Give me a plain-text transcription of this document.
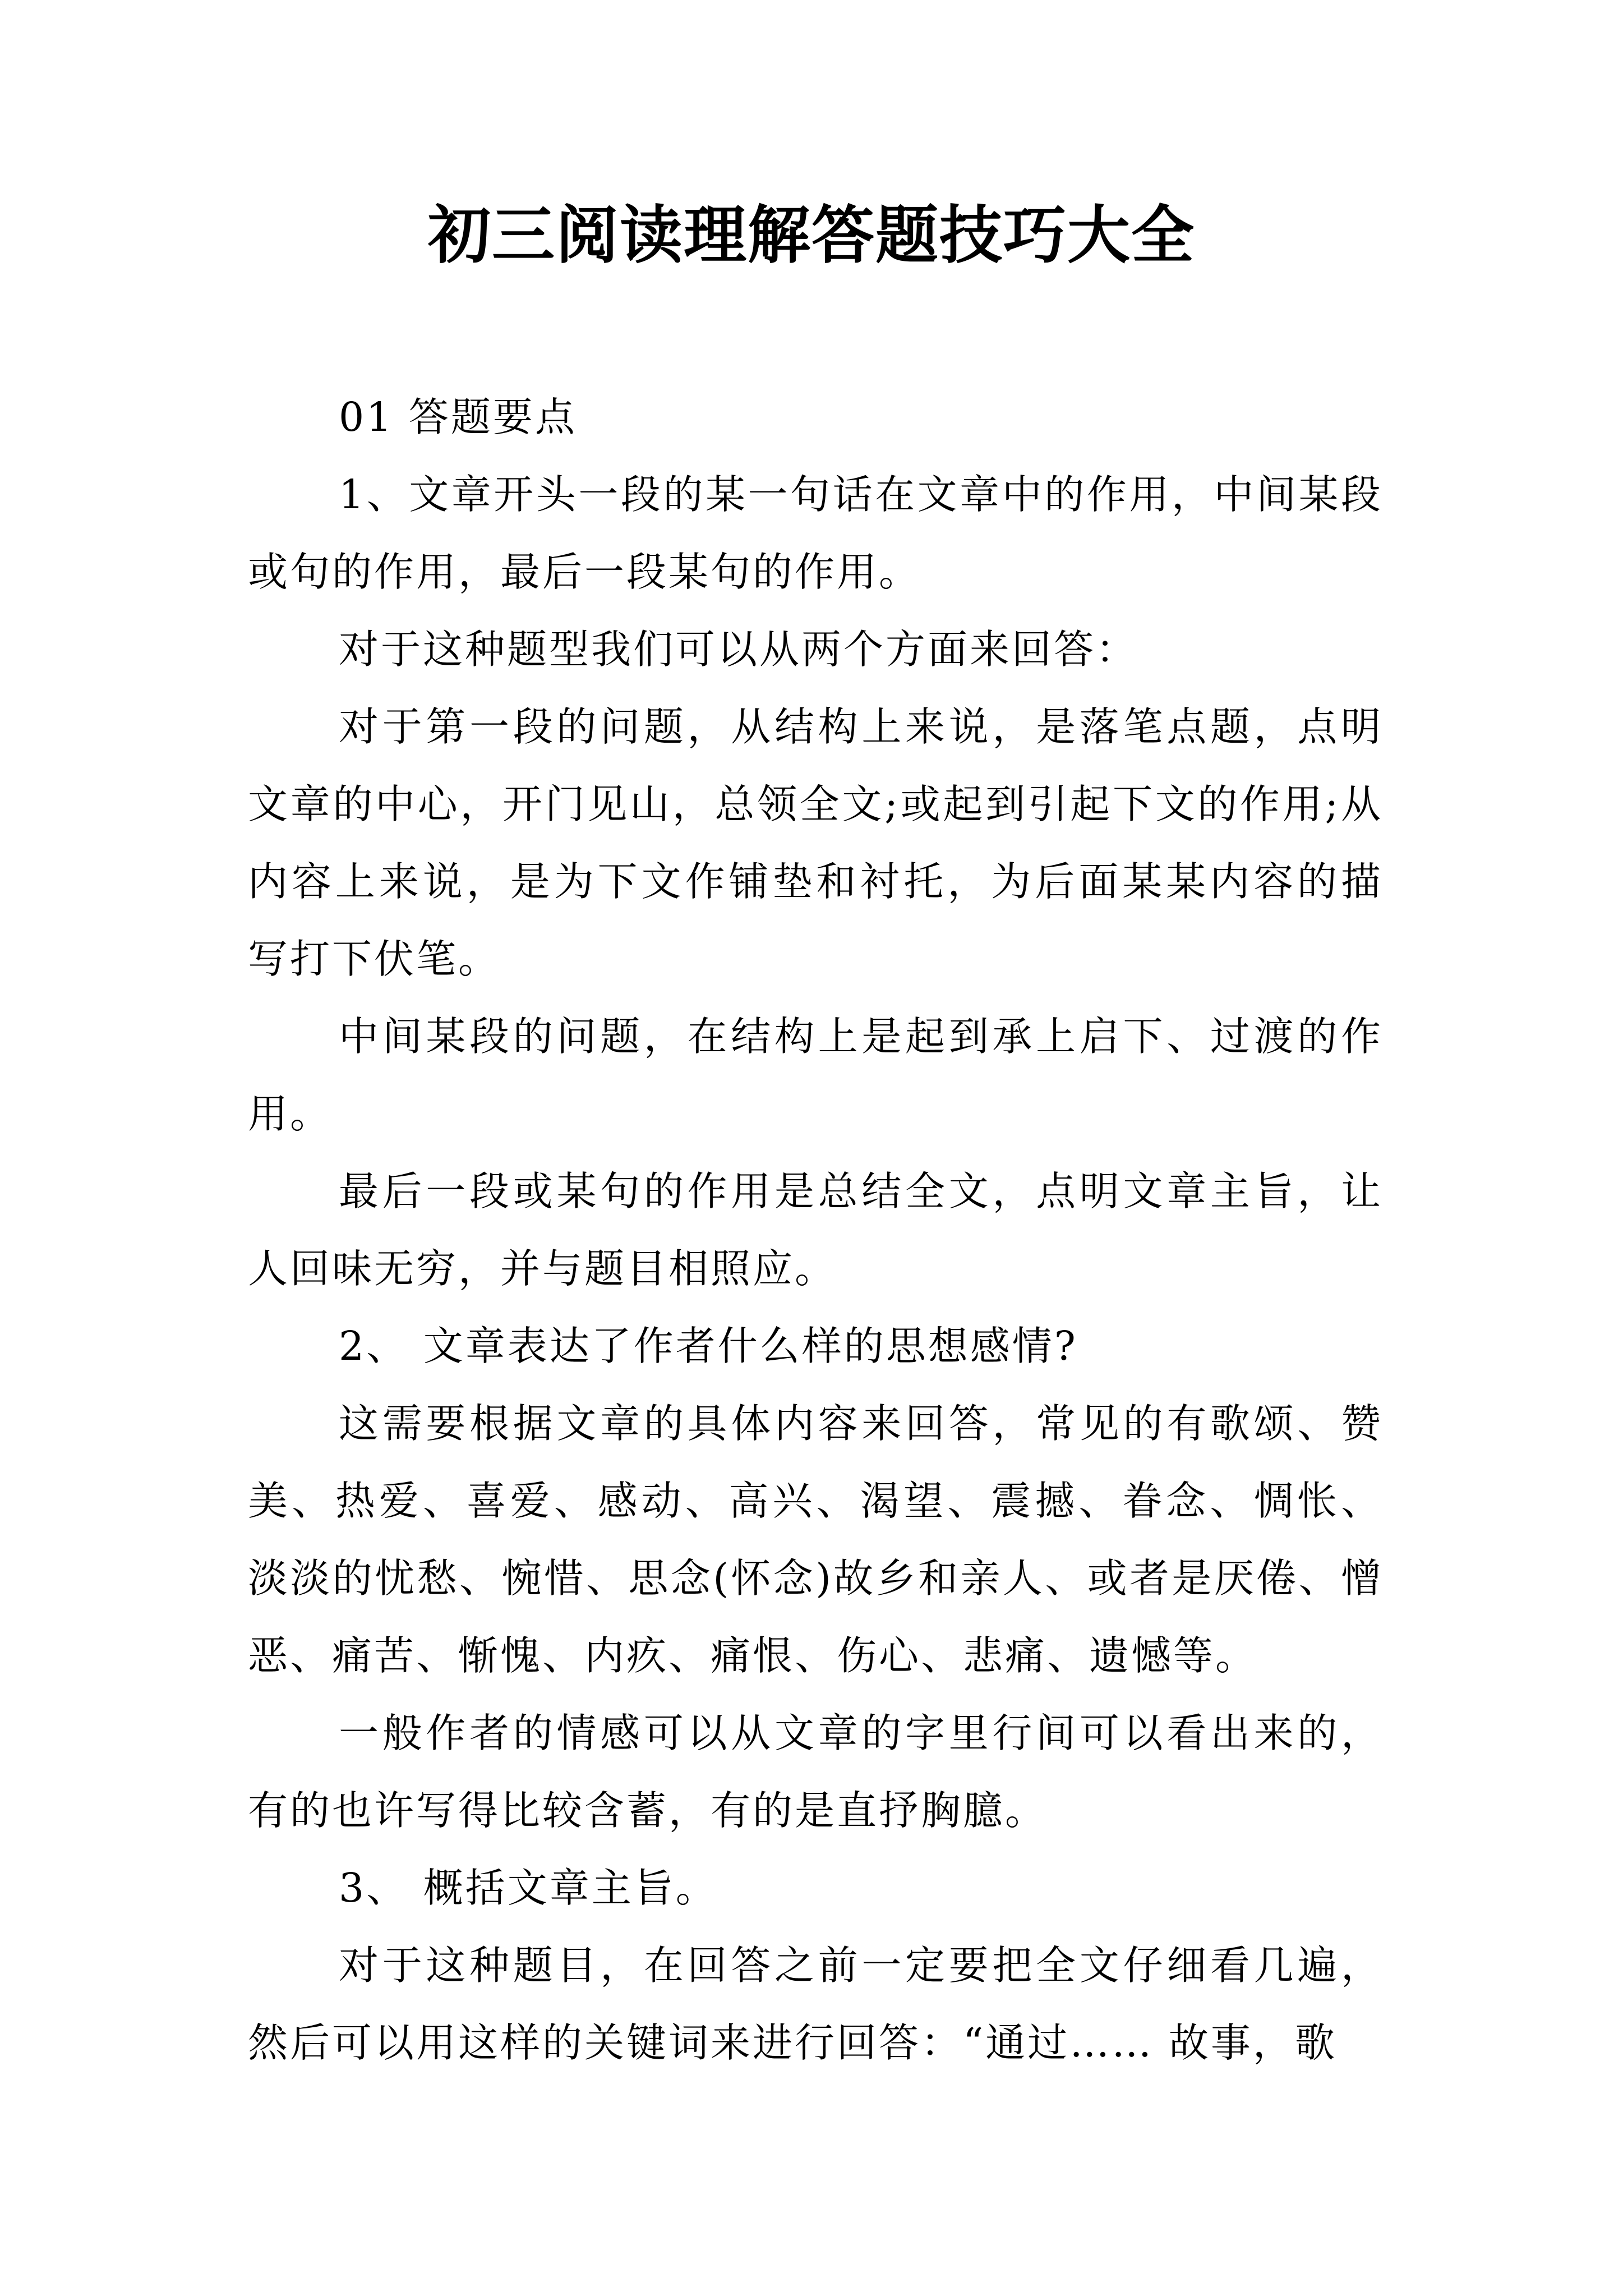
初三阅读理解答题技巧大全

01 答题要点

1、文章开头一段的某一句话在文章中的作用，中间某段或句的作用，最后一段某句的作用。

对于这种题型我们可以从两个方面来回答：

对于第一段的问题，从结构上来说，是落笔点题，点明文章的中心，开门见山，总领全文;或起到引起下文的作用;从内容上来说，是为下文作铺垫和衬托，为后面某某内容的描写打下伏笔。

中间某段的问题，在结构上是起到承上启下、过渡的作用。

最后一段或某句的作用是总结全文，点明文章主旨，让人回味无穷，并与题目相照应。

2、 文章表达了作者什么样的思想感情?

这需要根据文章的具体内容来回答，常见的有歌颂、赞美、热爱、喜爱、感动、高兴、渴望、震撼、眷念、惆怅、淡淡的忧愁、惋惜、思念(怀念)故乡和亲人、或者是厌倦、憎恶、痛苦、惭愧、内疚、痛恨、伤心、悲痛、遗憾等。

一般作者的情感可以从文章的字里行间可以看出来的，有的也许写得比较含蓄，有的是直抒胸臆。

3、 概括文章主旨。

对于这种题目，在回答之前一定要把全文仔细看几遍，然后可以用这样的关键词来进行回答：“通过…… 故事，歌
